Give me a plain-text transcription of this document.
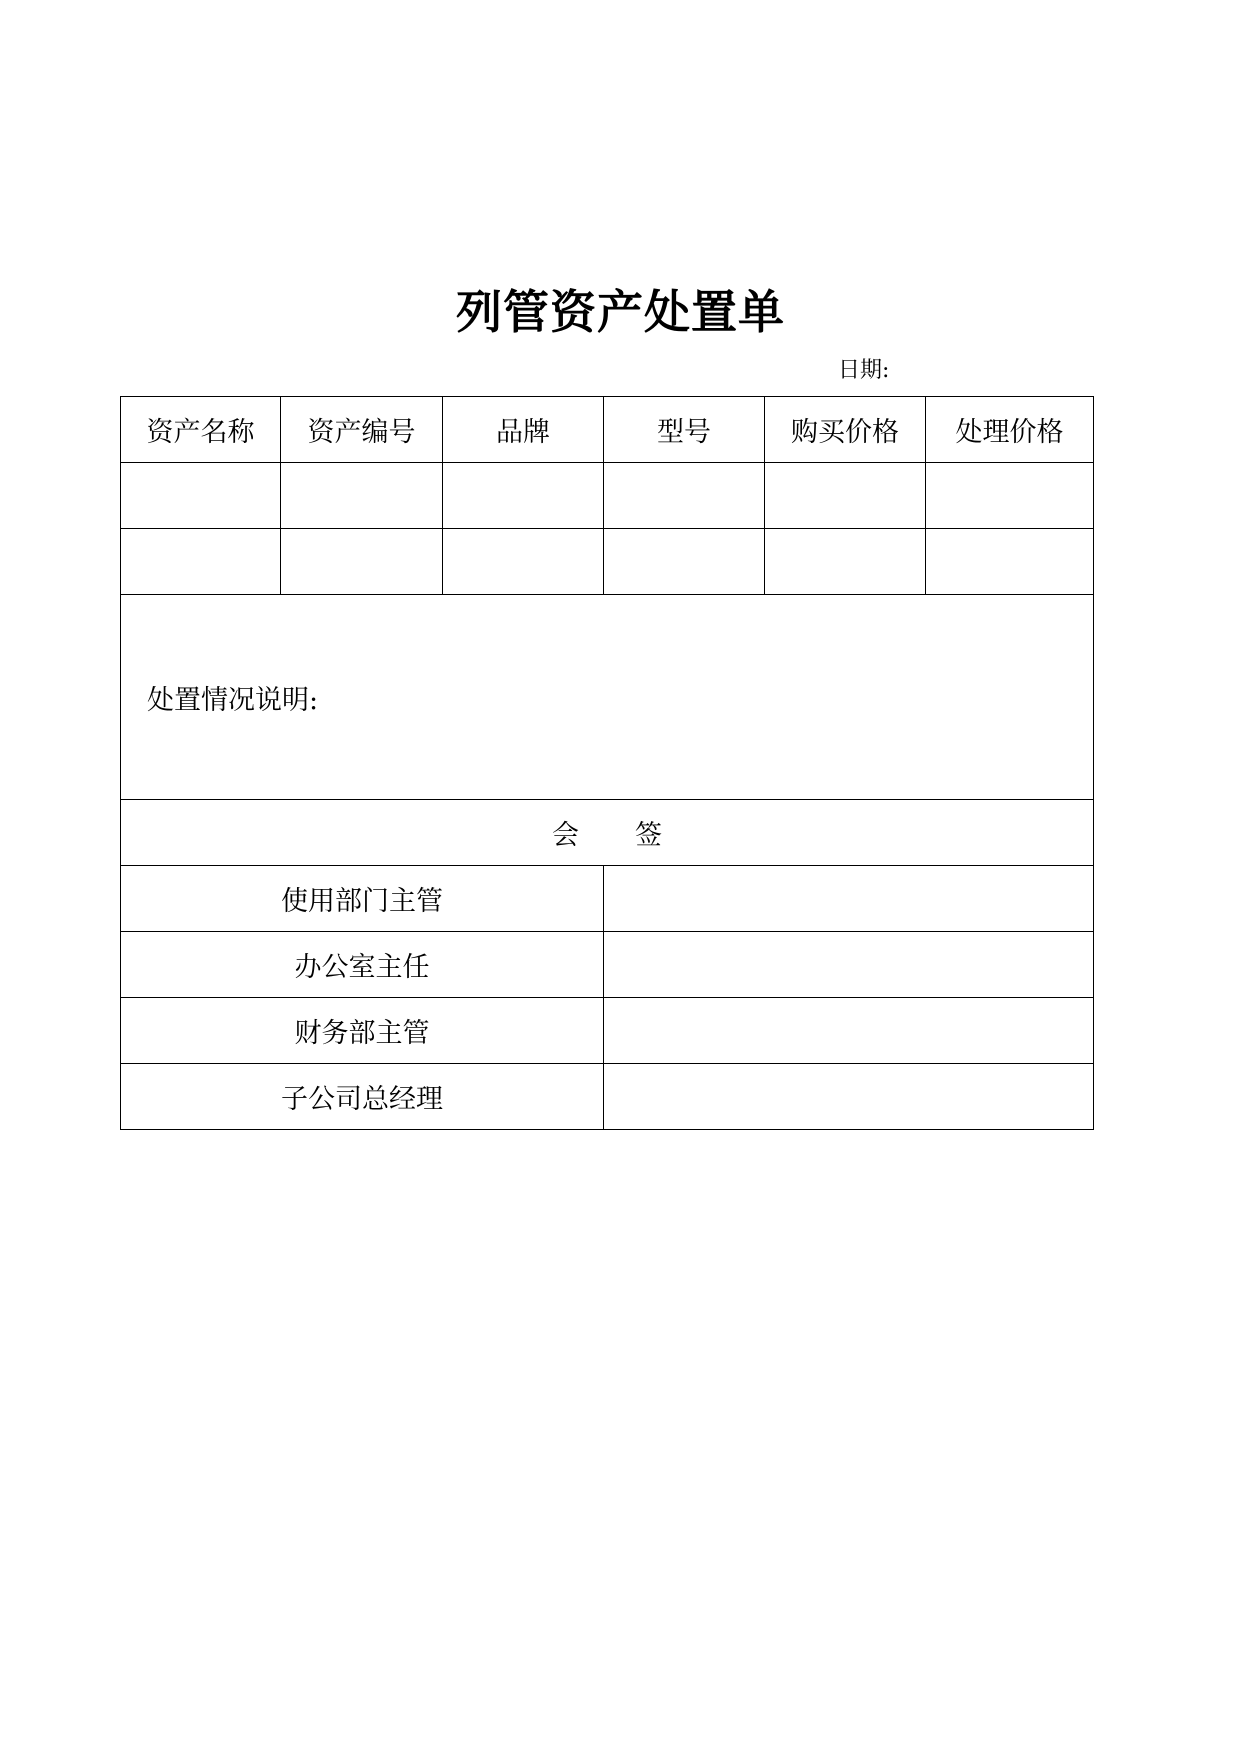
列管资产处置单
日期:
资产名称	资产编号	品牌	型号	购买价格	处理价格

处置情况说明:					
会 签					
使用部门主管					
办公室主任					
财务部主管					
子公司总经理					
